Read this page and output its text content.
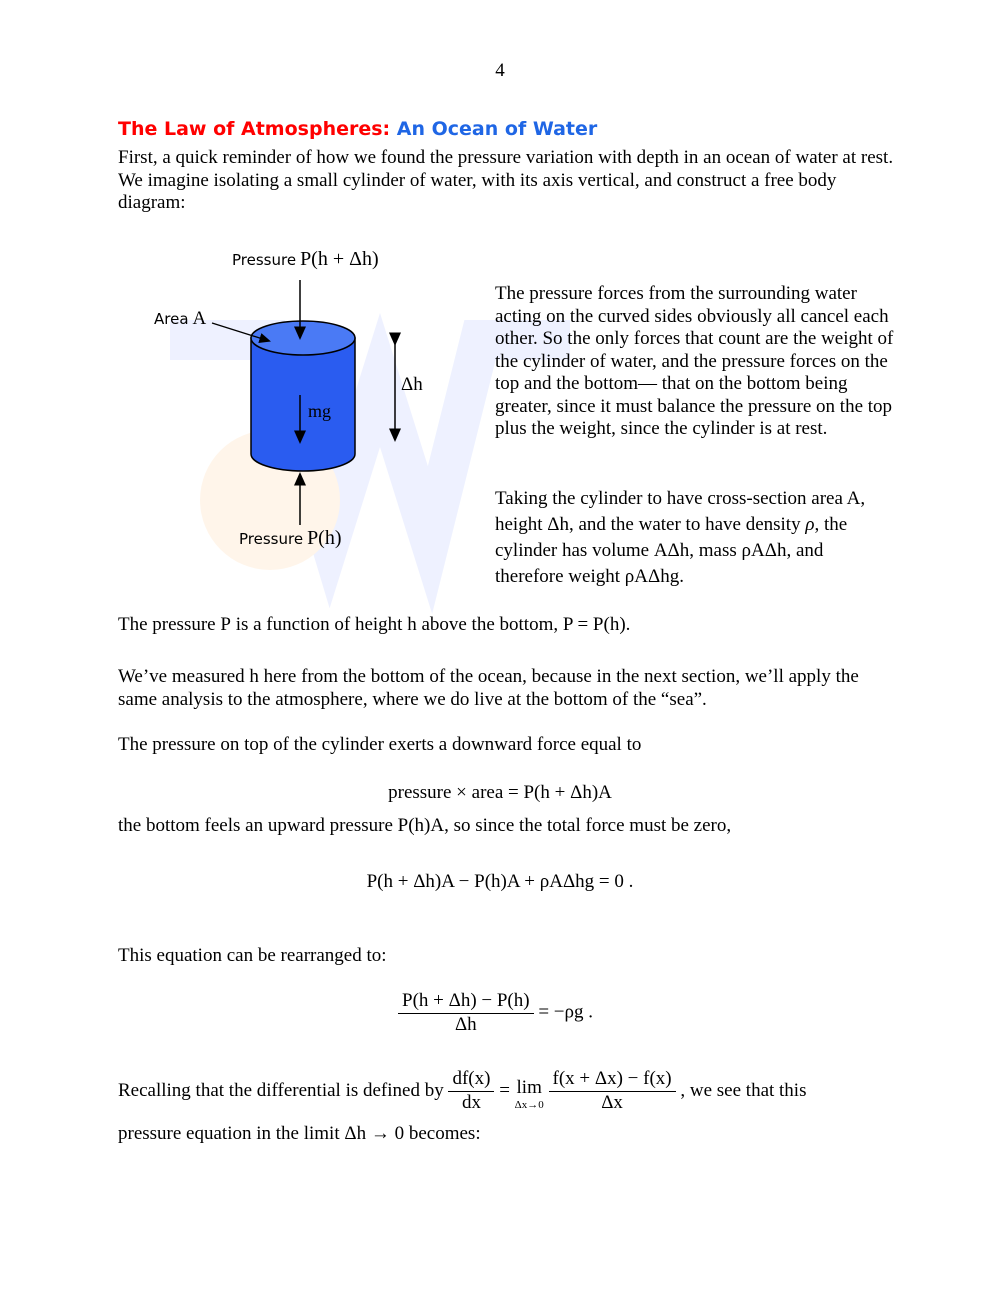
4
The Law of Atmospheres: An Ocean of Water
First, a quick reminder of how we found the pressure variation with depth in an ocean of water at rest. We imagine isolating a small cylinder of water, with its axis vertical, and construct a free body diagram:
Pressure P(h + Δh)
Area A
mg
Δh
Pressure P(h)
The pressure forces from the surrounding water acting on the curved sides obviously all cancel each other. So the only forces that count are the weight of the cylinder of water, and the pressure forces on the top and the bottom— that on the bottom being greater, since it must balance the pressure on the top plus the weight, since the cylinder is at rest.
Taking the cylinder to have cross-section area A, height Δh, and the water to have density ρ, the cylinder has volume AΔh, mass ρAΔh, and therefore weight ρAΔhg.
The pressure P is a function of height h above the bottom, P = P(h).
We’ve measured h here from the bottom of the ocean, because in the next section, we’ll apply the same analysis to the atmosphere, where we do live at the bottom of the “sea”.
The pressure on top of the cylinder exerts a downward force equal to
pressure × area = P(h + Δh)A
the bottom feels an upward pressure P(h)A, so since the total force must be zero,
P(h + Δh)A − P(h)A + ρAΔhg = 0 .
This equation can be rearranged to:
$\frac{P(h + \Delta h) - P(h)}{\Delta h} = -\rho g$ .
Recalling that the differential is defined by $\frac{df(x)}{dx} = \lim$
Δx→0
$\frac{f(x + \Delta x) - f(x)}{\Delta x}$ , we see that this
pressure equation in the limit Δh → 0 becomes:
